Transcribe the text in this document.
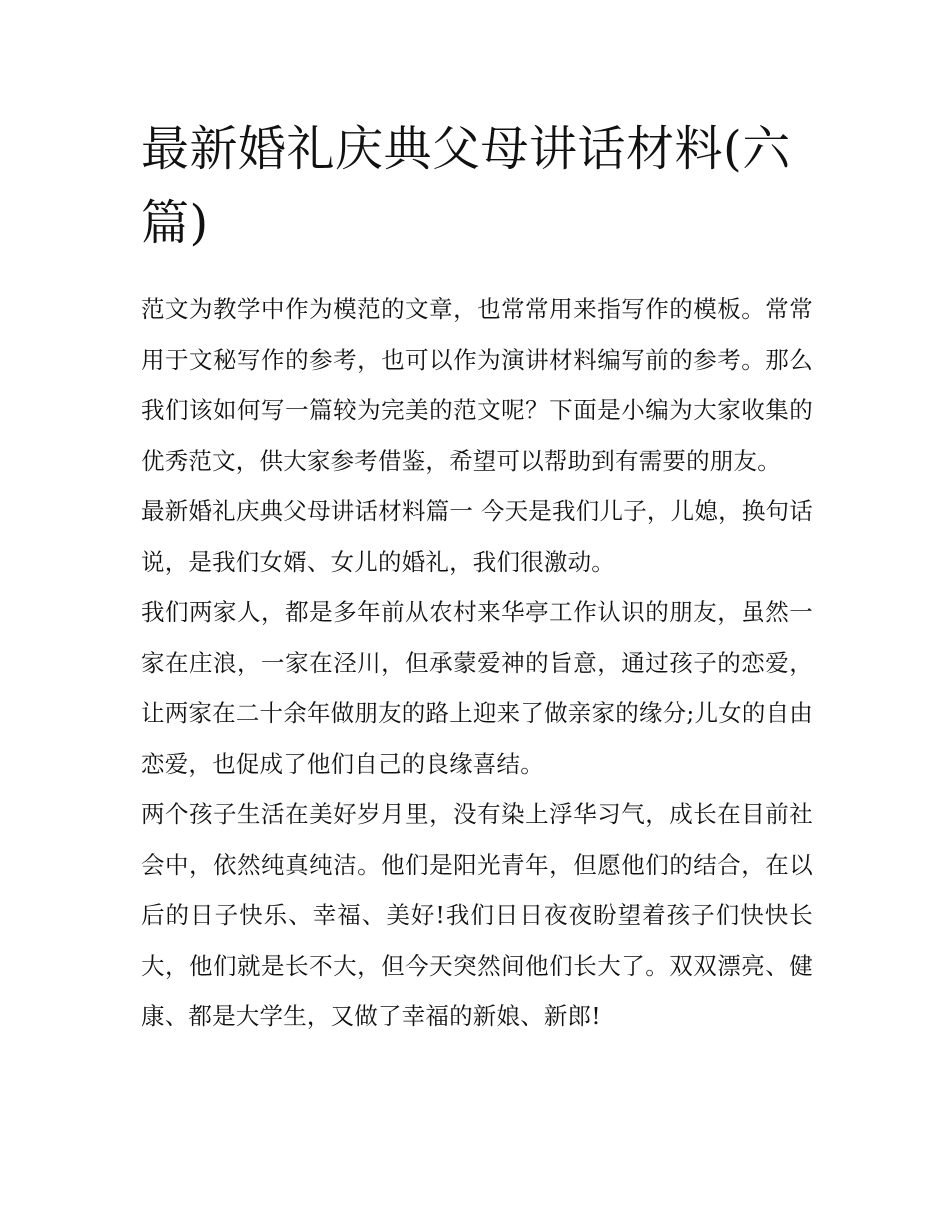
最新婚礼庆典父母讲话材料(六篇)

范文为教学中作为模范的文章，也常常用来指写作的模板。常常用于文秘写作的参考，也可以作为演讲材料编写前的参考。那么我们该如何写一篇较为完美的范文呢？下面是小编为大家收集的优秀范文，供大家参考借鉴，希望可以帮助到有需要的朋友。

最新婚礼庆典父母讲话材料篇一 今天是我们儿子，儿媳，换句话说，是我们女婿、女儿的婚礼，我们很激动。

我们两家人，都是多年前从农村来华亭工作认识的朋友，虽然一家在庄浪，一家在泾川，但承蒙爱神的旨意，通过孩子的恋爱，让两家在二十余年做朋友的路上迎来了做亲家的缘分;儿女的自由恋爱，也促成了他们自己的良缘喜结。

两个孩子生活在美好岁月里，没有染上浮华习气，成长在目前社会中，依然纯真纯洁。他们是阳光青年，但愿他们的结合，在以后的日子快乐、幸福、美好!我们日日夜夜盼望着孩子们快快长大，他们就是长不大，但今天突然间他们长大了。双双漂亮、健康、都是大学生，又做了幸福的新娘、新郎!
